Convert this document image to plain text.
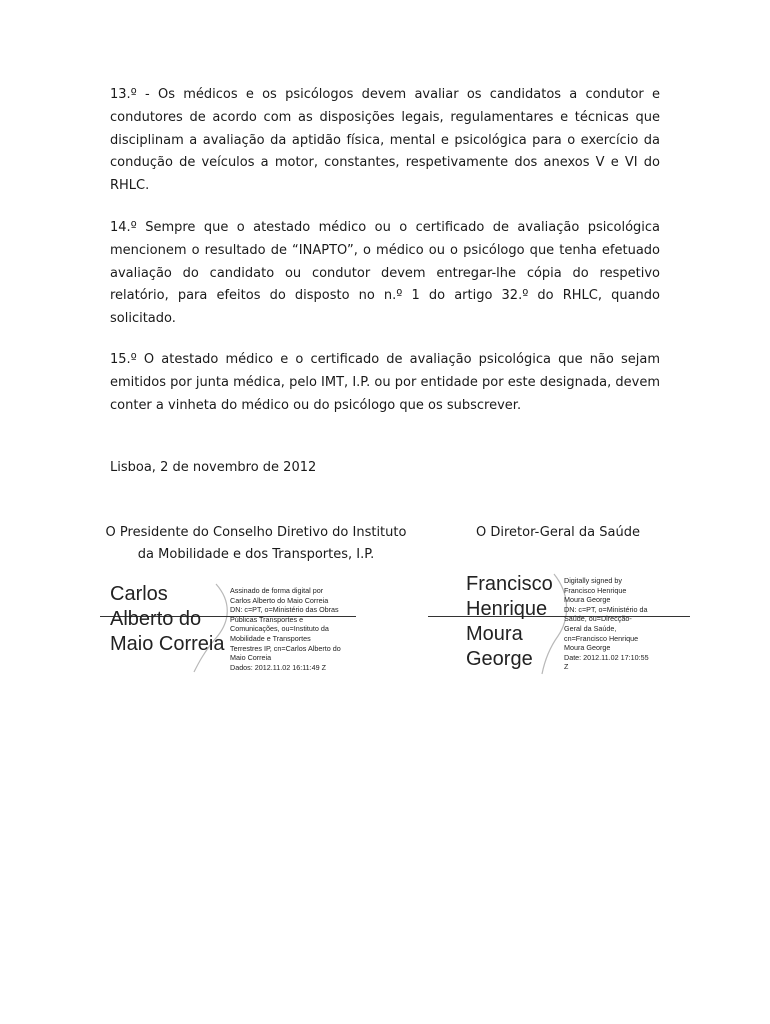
13.º - Os médicos e os psicólogos devem avaliar os candidatos a condutor e condutores de acordo com as disposições legais, regulamentares e técnicas que disciplinam a avaliação da aptidão física, mental e psicológica para o exercício da condução de veículos a motor, constantes, respetivamente dos anexos V e VI do RHLC.

14.º Sempre que o atestado médico ou o certificado de avaliação psicológica mencionem o resultado de “INAPTO”, o médico ou o psicólogo que tenha efetuado avaliação do candidato ou condutor devem entregar-lhe cópia do respetivo relatório, para efeitos do disposto no n.º 1 do artigo 32.º do RHLC, quando solicitado.

15.º O atestado médico e o certificado de avaliação psicológica que não sejam emitidos por junta médica, pelo IMT, I.P. ou por entidade por este designada, devem conter a vinheta do médico ou do psicólogo que os subscrever.

Lisboa, 2 de novembro de 2012

O Presidente do Conselho Diretivo do Instituto
da Mobilidade e dos Transportes, I.P.
O Diretor-Geral da Saúde
Carlos
Alberto do
Maio Correia
Assinado de forma digital por
Carlos Alberto do Maio Correia
DN: c=PT, o=Ministério das Obras
Públicas Transportes e
Comunicações, ou=Instituto da
Mobilidade e Transportes
Terrestres IP, cn=Carlos Alberto do
Maio Correia
Dados: 2012.11.02 16:11:49 Z
Francisco
Henrique
Moura
George
Digitally signed by
Francisco Henrique
Moura George
DN: c=PT, o=Ministério da
Saúde, ou=Direcção-
Geral da Saúde,
cn=Francisco Henrique
Moura George
Date: 2012.11.02 17:10:55
Z
